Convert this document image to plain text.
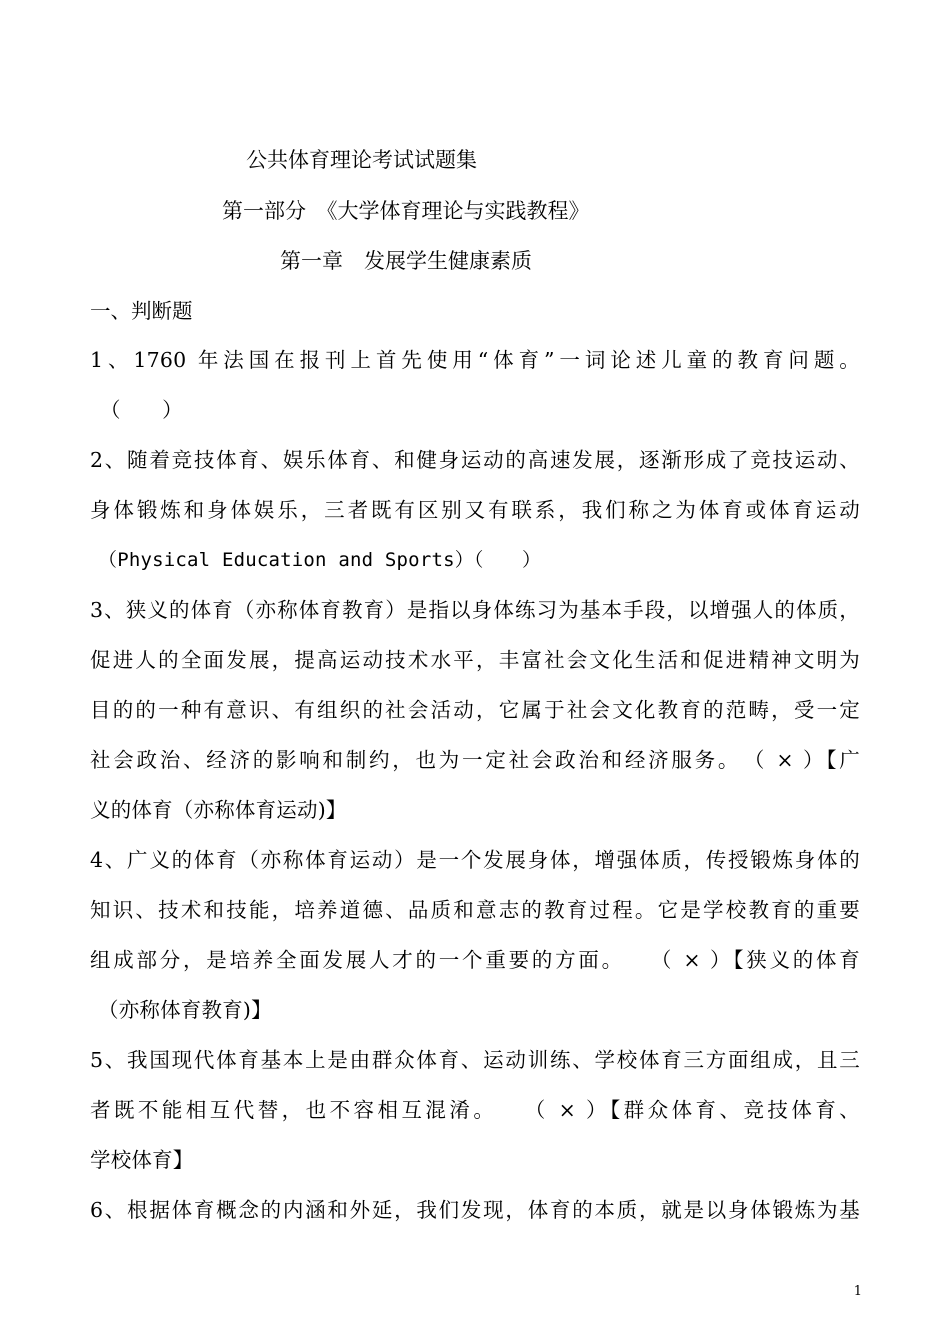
公共体育理论考试试题集
第一部分　《大学体育理论与实践教程》
第一章　发展学生健康素质
一、判断题
1、1760 年法国在报刊上首先使用“体育”一词论述儿童的教育问题。
（　　）
2、随着竞技体育、娱乐体育、和健身运动的高速发展，逐渐形成了竞技运动、
身体锻炼和身体娱乐，三者既有区别又有联系，我们称之为体育或体育运动
（Physical Education and Sports）（　　）
3、狭义的体育（亦称体育教育）是指以身体练习为基本手段，以增强人的体质，
促进人的全面发展，提高运动技术水平，丰富社会文化生活和促进精神文明为
目的的一种有意识、有组织的社会活动，它属于社会文化教育的范畴，受一定
社会政治、经济的影响和制约，也为一定社会政治和经济服务。　（ × ）【广
义的体育（亦称体育运动)】
4、广义的体育（亦称体育运动）是一个发展身体，增强体质，传授锻炼身体的
知识、技术和技能，培养道德、品质和意志的教育过程。它是学校教育的重要
组成部分，是培养全面发展人才的一个重要的方面。　　（ × ）【狭义的体育
（亦称体育教育)】
5、我国现代体育基本上是由群众体育、运动训练、学校体育三方面组成，且三
者既不能相互代替，也不容相互混淆。　　（ × ）【群众体育、竞技体育、
学校体育】
6、根据体育概念的内涵和外延，我们发现，体育的本质，就是以身体锻炼为基
1
